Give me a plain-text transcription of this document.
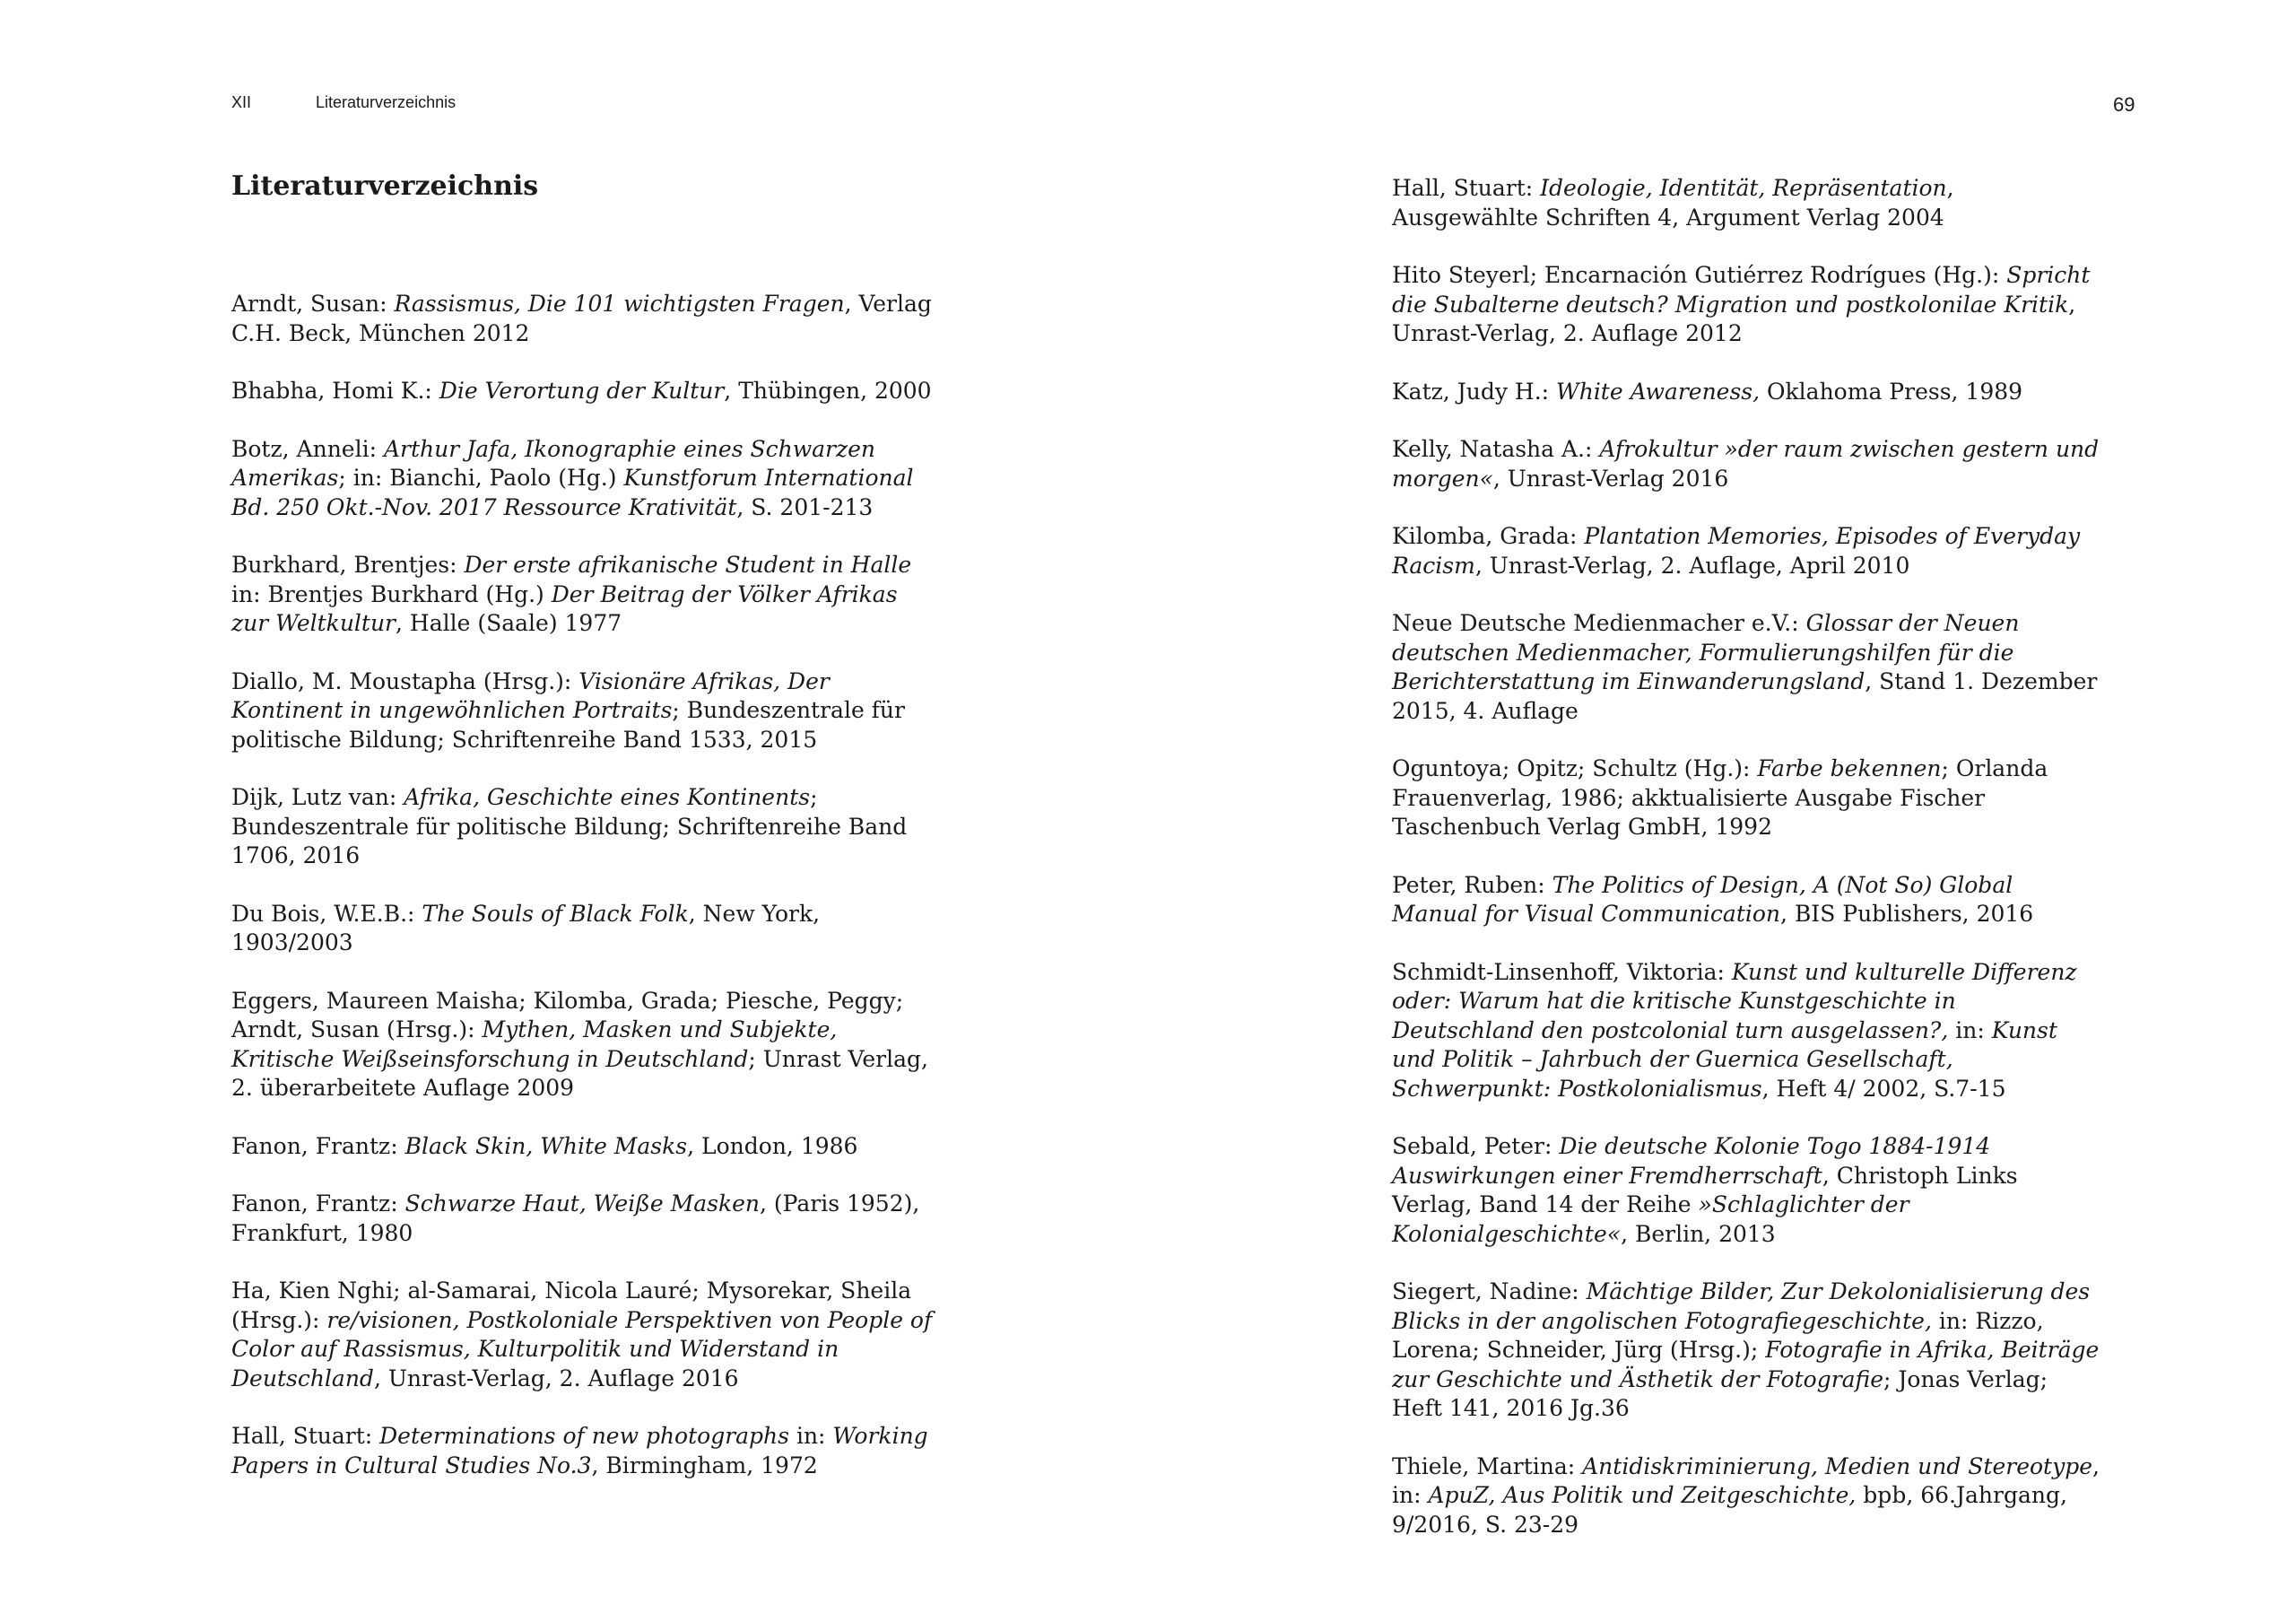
XII	Literaturverzeichnis	69
Literaturverzeichnis

Arndt, Susan: Rassismus, Die 101 wichtigsten Fragen, Verlag C.H. Beck, München 2012

Bhabha, Homi K.: Die Verortung der Kultur, Thübingen, 2000

Botz, Anneli: Arthur Jafa, Ikonographie eines Schwarzen Amerikas; in: Bianchi, Paolo (Hg.) Kunstforum International Bd. 250 Okt.-Nov. 2017 Ressource Krativität, S. 201-213

Burkhard, Brentjes: Der erste afrikanische Student in Halle in: Brentjes Burkhard (Hg.) Der Beitrag der Völker Afrikas zur Weltkultur, Halle (Saale) 1977

Diallo, M. Moustapha (Hrsg.): Visionäre Afrikas, Der Kontinent in ungewöhnlichen Portraits; Bundeszentrale für politische Bildung; Schriftenreihe Band 1533, 2015

Dijk, Lutz van: Afrika, Geschichte eines Kontinents; Bundeszentrale für politische Bildung; Schriftenreihe Band 1706, 2016

Du Bois, W.E.B.: The Souls of Black Folk, New York, 1903/2003

Eggers, Maureen Maisha; Kilomba, Grada; Piesche, Peggy; Arndt, Susan (Hrsg.): Mythen, Masken und Subjekte, Kritische Weißseinsforschung in Deutschland; Unrast Verlag, 2. überarbeitete Auflage 2009

Fanon, Frantz: Black Skin, White Masks, London, 1986

Fanon, Frantz: Schwarze Haut, Weiße Masken, (Paris 1952), Frankfurt, 1980

Ha, Kien Nghi; al-Samarai, Nicola Lauré; Mysorekar, Sheila (Hrsg.): re/visionen, Postkoloniale Perspektiven von People of Color auf Rassismus, Kulturpolitik und Widerstand in Deutschland, Unrast-Verlag, 2. Auflage 2016

Hall, Stuart: Determinations of new photographs in: Working Papers in Cultural Studies No.3, Birmingham, 1972

Hall, Stuart: Ideologie, Identität, Repräsentation, Ausgewählte Schriften 4, Argument Verlag 2004

Hito Steyerl; Encarnación Gutiérrez Rodrígues (Hg.): Spricht die Subalterne deutsch? Migration und postkolonilae Kritik, Unrast-Verlag, 2. Auflage 2012

Katz, Judy H.: White Awareness, Oklahoma Press, 1989

Kelly, Natasha A.: Afrokultur »der raum zwischen gestern und morgen«, Unrast-Verlag 2016

Kilomba, Grada: Plantation Memories, Episodes of Everyday Racism, Unrast-Verlag, 2. Auflage, April 2010

Neue Deutsche Medienmacher e.V.: Glossar der Neuen deutschen Medienmacher, Formulierungshilfen für die Berichterstattung im Einwanderungsland, Stand 1. Dezember 2015, 4. Auflage

Oguntoya; Opitz; Schultz (Hg.): Farbe bekennen; Orlanda Frauenverlag, 1986; akktualisierte Ausgabe Fischer Taschenbuch Verlag GmbH, 1992

Peter, Ruben: The Politics of Design, A (Not So) Global Manual for Visual Communication, BIS Publishers, 2016

Schmidt-Linsenhoff, Viktoria: Kunst und kulturelle Differenz oder: Warum hat die kritische Kunstgeschichte in Deutschland den postcolonial turn ausgelassen?, in: Kunst und Politik – Jahrbuch der Guernica Gesellschaft, Schwerpunkt: Postkolonialismus, Heft 4/ 2002, S.7-15

Sebald, Peter: Die deutsche Kolonie Togo 1884-1914 Auswirkungen einer Fremdherrschaft, Christoph Links Verlag, Band 14 der Reihe »Schlaglichter der Kolonialgeschichte«, Berlin, 2013

Siegert, Nadine: Mächtige Bilder, Zur Dekolonialisierung des Blicks in der angolischen Fotografiegeschichte, in: Rizzo, Lorena; Schneider, Jürg (Hrsg.); Fotografie in Afrika, Beiträge zur Geschichte und Ästhetik der Fotografie; Jonas Verlag; Heft 141, 2016 Jg.36

Thiele, Martina: Antidiskriminierung, Medien und Stereotype, in: ApuZ, Aus Politik und Zeitgeschichte, bpb, 66.Jahrgang, 9/2016, S. 23-29
